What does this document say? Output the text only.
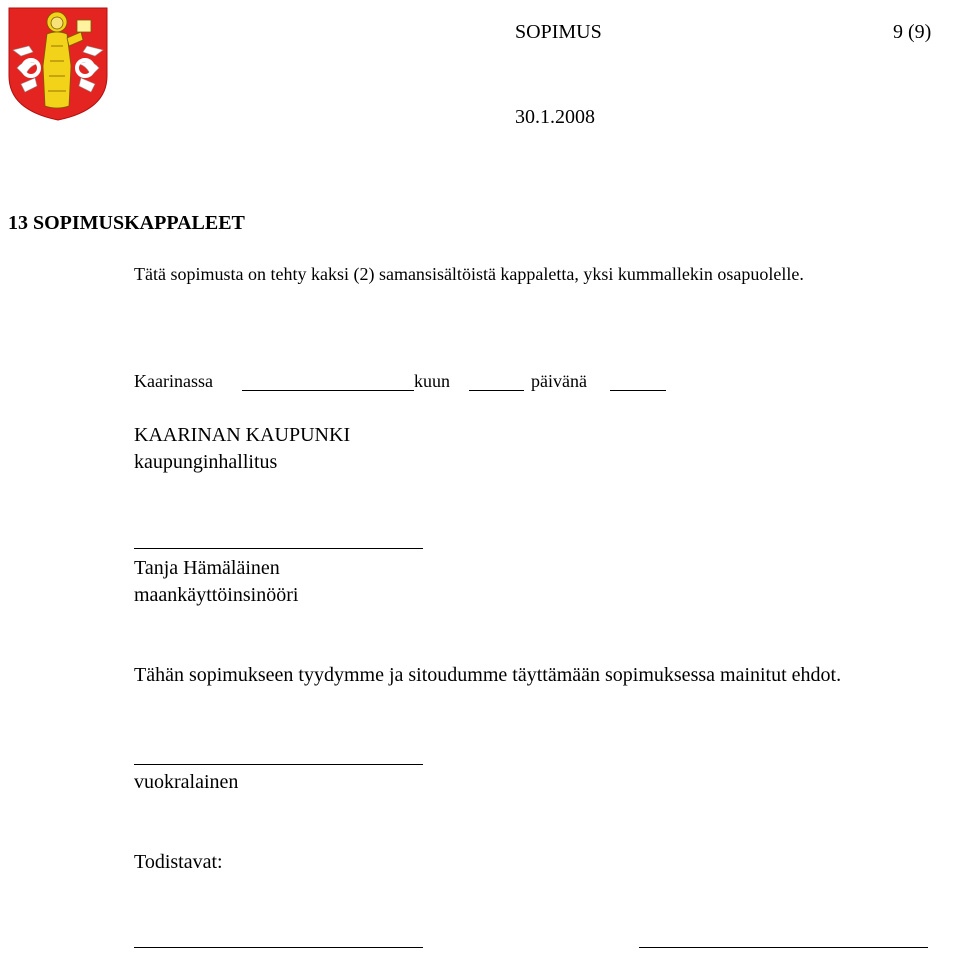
SOPIMUS	9 (9)
30.1.2008
13 SOPIMUSKAPPALEET
Tätä sopimusta on tehty kaksi (2) samansisältöistä kappaletta, yksi kummallekin osapuolelle.
Kaarinassa	kuun	päivänä
KAARINAN KAUPUNKI
kaupunginhallitus
Tanja Hämäläinen
maankäyttöinsinööri
Tähän sopimukseen tyydymme ja sitoudumme täyttämään sopimuksessa mainitut ehdot.
vuokralainen
Todistavat:
